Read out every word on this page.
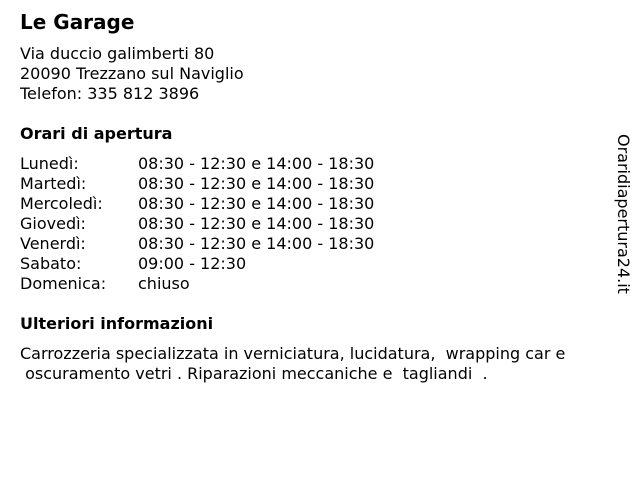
Le Garage
Via duccio galimberti 80
20090 Trezzano sul Naviglio
Telefon: 335 812 3896
Orari di apertura
Lunedì:	08:30 - 12:30 e 14:00 - 18:30
Martedì:	08:30 - 12:30 e 14:00 - 18:30
Mercoledì: 08:30 - 12:30 e 14:00 - 18:30
Giovedì:	08:30 - 12:30 e 14:00 - 18:30
Venerdì:	08:30 - 12:30 e 14:00 - 18:30
Sabato:	09:00 - 12:30
Domenica: chiuso
Ulteriori informazioni
Carrozzeria specializzata in verniciatura, lucidatura,  wrapping car e
oscuramento vetri . Riparazioni meccaniche e  tagliandi  .
Oraridiapertura24.it
